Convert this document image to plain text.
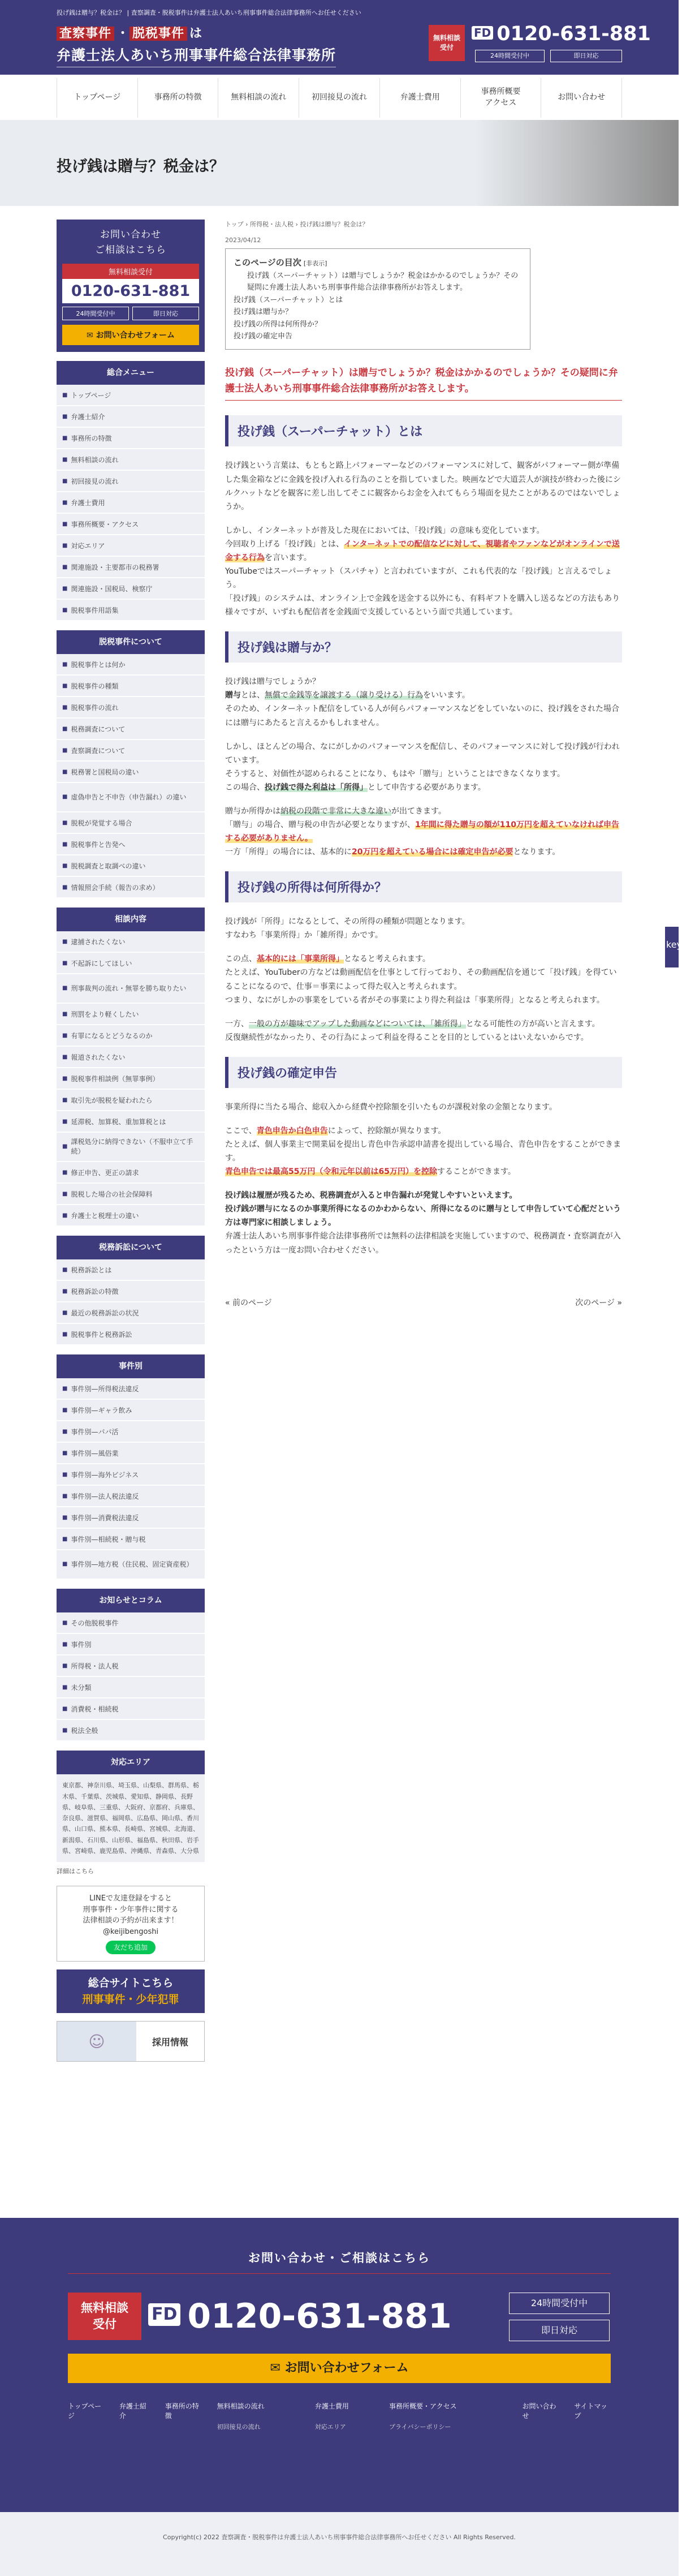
投げ銭は贈与？税金は？ | 査察調査・脱税事件は弁護士法人あいち刑事事件総合法律事務所へお任せください
査察事件 ・ 脱税事件 は
弁護士法人あいち刑事事件総合法律事務所
無料相談受付
FD 0120-631-881
24時間受付中	即日対応
トップページ	事務所の特徴	無料相談の流れ	初回接見の流れ	弁護士費用
事務所概要
アクセス
お問い合わせ
投げ銭は贈与？税金は？
お問い合わせ
ご相談はこちら
無料相談受付
0120-631-881
24時間受付中	即日対応
✉ お問い合わせフォーム
総合メニュー
■ トップページ
■ 弁護士紹介
■ 事務所の特徴
■ 無料相談の流れ
■ 初回接見の流れ
■ 弁護士費用
■ 事務所概要・アクセス
■ 対応エリア
■ 関連施設・主要都市の税務署
■ 関連施設・国税局、検察庁
■ 脱税事件用語集
脱税事件について
■ 脱税事件とは何か
■ 脱税事件の種類
■ 脱税事件の流れ
■ 税務調査について
■ 査察調査について
■ 税務署と国税局の違い
■ 虚偽申告と不申告（申告漏れ）の違い
■ 脱税が発覚する場合
■ 脱税事件と告発へ
■ 脱税調査と取調べの違い
■ 情報照会手続（報告の求め）
相談内容
■ 逮捕されたくない
■ 不起訴にしてほしい
■ 刑事裁判の流れ・無罪を勝ち取りたい
■ 刑罰をより軽くしたい
■ 有罪になるとどうなるのか
■ 報道されたくない
■ 脱税事件相談例（無罪事例）
■ 取引先が脱税を疑われたら
■ 延滞税、加算税、重加算税とは
■
課税処分に納得できない（不服申立て手続）
■ 修正申告、更正の請求
■ 脱税した場合の社会保障料
■ 弁護士と税理士の違い
税務訴訟について
■ 税務訴訟とは
■ 税務訴訟の特徴
■ 最近の税務訴訟の状況
■ 脱税事件と税務訴訟
事件別
■ 事件別—所得税法違反
■ 事件別—ギャラ飲み
■ 事件別—パパ活
■ 事件別—風俗業
■ 事件別—海外ビジネス
■ 事件別—法人税法違反
■ 事件別—消費税法違反
■ 事件別—相続税・贈与税
■ 事件別—地方税（住民税、固定資産税）
お知らせとコラム
■ その他脱税事件
■ 事件別
■ 所得税・法人税
■ 未分類
■ 消費税・相続税
■ 税法全般
対応エリア
東京都、神奈川県、埼玉県、山梨県、群馬県、栃木県、千葉県、茨城県、愛知県、静岡県、長野県、岐阜県、三重県、大阪府、京都府、兵庫県、奈良県、滋賀県、福岡県、広島県、岡山県、香川県、山口県、熊本県、長崎県、宮城県、北海道、新潟県、石川県、山形県、福島県、秋田県、岩手県、宮崎県、鹿児島県、沖縄県、青森県、大分県
詳細はこちら
LINEで友達登録をすると
刑事事件・少年事件に関する
法律相談の予約が出来ます！
@keijibengoshi
友だち追加
総合サイトこちら
刑事事件・少年犯罪
☺	採用情報
トップ › 所得税・法人税 › 投げ銭は贈与？税金は？
2023/04/12
このページの目次 [非表示]
投げ銭（スーパーチャット）は贈与でしょうか？税金はかかるのでしょうか？その疑問に弁護士法人あいち刑事事件総合法律事務所がお答えします。
投げ銭（スーパーチャット）とは
投げ銭は贈与か？
投げ銭の所得は何所得か？
投げ銭の確定申告
投げ銭（スーパーチャット）は贈与でしょうか？税金はかかるのでしょうか？その疑問に弁護士法人あいち刑事事件総合法律事務所がお答えします。
投げ銭（スーパーチャット）とは

投げ銭という言葉は、もともと路上パフォーマーなどのパフォーマンスに対して、観客がパフォーマー側が準備した集金箱などに金銭を投げ入れる行為のことを指していました。映画などで大道芸人が演技が終わった後にシルクハットなどを観客に差し出してそこに観客からお金を入れてもらう場面を見たことがあるのではないでしょうか。

しかし、インターネットが普及した現在においては、「投げ銭」の意味も変化しています。
今回取り上げる「投げ銭」とは、インターネットでの配信などに対して、視聴者やファンなどがオンラインで送金する行為を言います。
YouTubeではスーパーチャット（スパチャ）と言われていますが、これも代表的な「投げ銭」と言えるでしょう。
「投げ銭」のシステムは、オンライン上で金銭を送金する以外にも、有料ギフトを購入し送るなどの方法もあり様々ですが、いずれも配信者を金銭面で支援しているという面で共通しています。

投げ銭は贈与か？

投げ銭は贈与でしょうか？
贈与とは、無償で金銭等を譲渡する（譲り受ける）行為をいいます。
そのため、インターネット配信をしている人が何らパフォーマンスなどをしていないのに、投げ銭をされた場合には贈与にあたると言えるかもしれません。

しかし、ほとんどの場合、なにがしかのパフォーマンスを配信し、そのパフォーマンスに対して投げ銭が行われています。
そうすると、対価性が認められることになり、もはや「贈与」ということはできなくなります。
この場合、投げ銭で得た利益は「所得」として申告する必要があります。

贈与か所得かは納税の段階で非常に大きな違いが出てきます。
「贈与」の場合、贈与税の申告が必要となりますが、1年間に得た贈与の額が110万円を超えていなければ申告する必要がありません。
一方「所得」の場合には、基本的に20万円を超えている場合には確定申告が必要となります。

投げ銭の所得は何所得か？

投げ銭が「所得」になるとして、その所得の種類が問題となります。
すなわち「事業所得」か「雑所得」かです。

この点、基本的には「事業所得」となると考えられます。
たとえば、YouTuberの方などは動画配信を仕事として行っており、その動画配信を通じて「投げ銭」を得ていることになるので、仕事＝事業によって得た収入と考えられます。
つまり、なにがしかの事業をしている者がその事業により得た利益は「事業所得」となると考えられます。

一方、一般の方が趣味でアップした動画などについては、「雑所得」となる可能性の方が高いと言えます。
反復継続性がなかったり、その行為によって利益を得ることを目的としているとはいえないからです。

投げ銭の確定申告

事業所得に当たる場合、総収入から経費や控除額を引いたものが課税対象の金額となります。

ここで、青色申告か白色申告によって、控除額が異なります。
たとえば、個人事業主で開業届を提出し青色申告承認申請書を提出している場合、青色申告をすることができます。
青色申告では最高55万円（令和元年以前は65万円）を控除することができます。

投げ銭は履歴が残るため、税務調査が入ると申告漏れが発覚しやすいといえます。
投げ銭が贈与になるのか事業所得になるのかわからない、所得になるのに贈与として申告していて心配だという方は専門家に相談しましょう。
弁護士法人あいち刑事事件総合法律事務所では無料の法律相談を実施していますので、税務調査・査察調査が入ったという方は一度お問い合わせください。

« 前のページ	次のページ »
key
お問い合わせ・ご相談はこちら
無料相談
受付	FD 0120-631-881	24時間受付中
即日対応
✉ お問い合わせフォーム
トップページ
弁護士紹介
事務所の特徴
無料相談の流れ初回接見の流れ
弁護士費用対応エリア
事務所概要・アクセスプライバシーポリシー
お問い合わせ
サイトマップ
Copyright(c) 2022 査察調査・脱税事件は弁護士法人あいち刑事事件総合法律事務所へお任せください All Rights Reserved.
